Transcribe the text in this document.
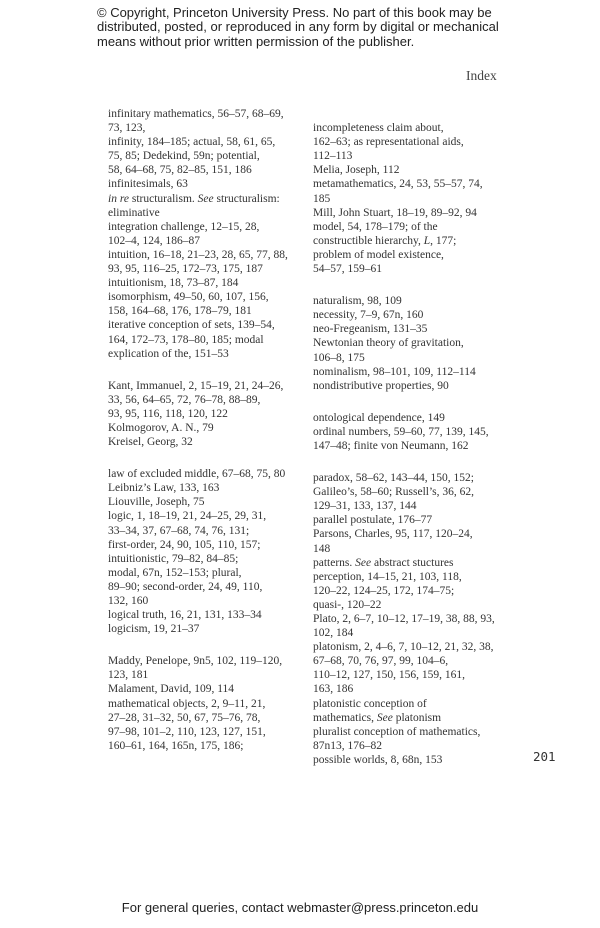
© Copyright, Princeton University Press. No part of this book may be
distributed, posted, or reproduced in any form by digital or mechanical
means without prior written permission of the publisher.
Index
infinitary mathematics, 56–57, 68–69,
73, 123,
infinity, 184–185; actual, 58, 61, 65,
75, 85; Dedekind, 59n; potential,
58, 64–68, 75, 82–85, 151, 186
infinitesimals, 63
in re structuralism. See structuralism:
eliminative
integration challenge, 12–15, 28,
102–4, 124, 186–87
intuition, 16–18, 21–23, 28, 65, 77, 88,
93, 95, 116–25, 172–73, 175, 187
intuitionism, 18, 73–87, 184
isomorphism, 49–50, 60, 107, 156,
158, 164–68, 176, 178–79, 181
iterative conception of sets, 139–54,
164, 172–73, 178–80, 185; modal
explication of the, 151–53
Kant, Immanuel, 2, 15–19, 21, 24–26,
33, 56, 64–65, 72, 76–78, 88–89,
93, 95, 116, 118, 120, 122
Kolmogorov, A. N., 79
Kreisel, Georg, 32
law of excluded middle, 67–68, 75, 80
Leibniz’s Law, 133, 163
Liouville, Joseph, 75
logic, 1, 18–19, 21, 24–25, 29, 31,
33–34, 37, 67–68, 74, 76, 131;
first-order, 24, 90, 105, 110, 157;
intuitionistic, 79–82, 84–85;
modal, 67n, 152–153; plural,
89–90; second-order, 24, 49, 110,
132, 160
logical truth, 16, 21, 131, 133–34
logicism, 19, 21–37
Maddy, Penelope, 9n5, 102, 119–120,
123, 181
Malament, David, 109, 114
mathematical objects, 2, 9–11, 21,
27–28, 31–32, 50, 67, 75–76, 78,
97–98, 101–2, 110, 123, 127, 151,
160–61, 164, 165n, 175, 186;

incompleteness claim about,
162–63; as representational aids,
112–113
Melia, Joseph, 112
metamathematics, 24, 53, 55–57, 74,
185
Mill, John Stuart, 18–19, 89–92, 94
model, 54, 178–179; of the
constructible hierarchy, L, 177;
problem of model existence,
54–57, 159–61
naturalism, 98, 109
necessity, 7–9, 67n, 160
neo-Fregeanism, 131–35
Newtonian theory of gravitation,
106–8, 175
nominalism, 98–101, 109, 112–114
nondistributive properties, 90
ontological dependence, 149
ordinal numbers, 59–60, 77, 139, 145,
147–48; finite von Neumann, 162
paradox, 58–62, 143–44, 150, 152;
Galileo’s, 58–60; Russell’s, 36, 62,
129–31, 133, 137, 144
parallel postulate, 176–77
Parsons, Charles, 95, 117, 120–24,
148
patterns. See abstract stuctures
perception, 14–15, 21, 103, 118,
120–22, 124–25, 172, 174–75;
quasi-, 120–22
Plato, 2, 6–7, 10–12, 17–19, 38, 88, 93,
102, 184
platonism, 2, 4–6, 7, 10–12, 21, 32, 38,
67–68, 70, 76, 97, 99, 104–6,
110–12, 127, 150, 156, 159, 161,
163, 186
platonistic conception of
mathematics, See platonism
pluralist conception of mathematics,
87n13, 176–82
possible worlds, 8, 68n, 153	201
For general queries, contact webmaster@press.princeton.edu
